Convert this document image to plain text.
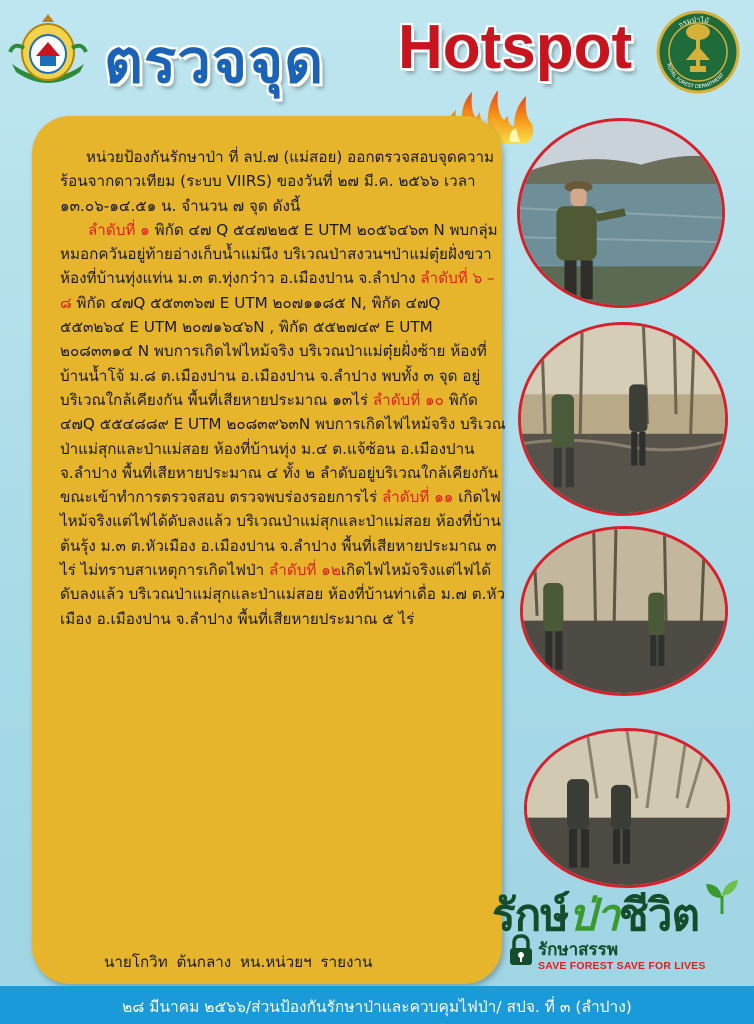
ตรวจจุด Hotspot	กรมป่าไม้
ROYAL FOREST DEPARTMENT

หน่วยป้องกันรักษาป่า ที่ ลป.๗ (แม่สอย) ออกตรวจสอบจุดความร้อนจากดาวเทียม (ระบบ VIIRS) ของวันที่ ๒๗ มี.ค. ๒๕๖๖ เวลา ๑๓.๐๖-๑๔.๕๑ น. จำนวน ๗ จุด ดังนี้

ลำดับที่ ๑ พิกัด ๔๗ Q ๕๔๗๒๒๕ E UTM ๒๐๕๖๔๖๓ N พบกลุ่มหมอกควันอยู่ท้ายอ่างเก็บน้ำแม่นึง บริเวณป่าสงวนฯป่าแม่ตุ๋ยฝั่งขวา ห้องที่บ้านทุ่งแท่น ม.๓ ต.ทุ่งกว๋าว อ.เมืองปาน จ.ลำปาง ลำดับที่ ๖ – ๘ พิกัด ๔๗Q ๕๕๓๓๖๗ E UTM ๒๐๗๑๑๘๕ N, พิกัด ๔๗Q ๕๕๓๒๖๔ E UTM ๒๐๗๑๖๔๖N , พิกัด ๕๕๒๗๔๙ E UTM ๒๐๘๓๓๑๔ N พบการเกิดไฟไหม้จริง บริเวณป่าแม่ตุ๋ยฝั่งซ้าย ห้องที่บ้านน้ำโจ้ ม.๘ ต.เมืองปาน อ.เมืองปาน จ.ลำปาง พบทั้ง ๓ จุด อยู่บริเวณใกล้เคียงกัน พื้นที่เสียหายประมาณ ๑๓ไร่ ลำดับที่ ๑๐ พิกัด ๔๗Q ๕๕๔๘๘๙ E UTM ๒๐๘๓๙๖๓N พบการเกิดไฟไหม้จริง บริเวณป่าแม่สุกและป่าแม่สอย ห้องที่บ้านทุ่ง ม.๔ ต.แจ้ซ้อน อ.เมืองปาน จ.ลำปาง พื้นที่เสียหายประมาณ ๔ ทั้ง ๒ ลำดับอยู่บริเวณใกล้เคียงกัน ขณะเข้าทำการตรวจสอบ ตรวจพบร่องรอยการไร่ ลำดับที่ ๑๑ เกิดไฟไหม้จริงแต่ไฟได้ดับลงแล้ว บริเวณป่าแม่สุกและป่าแม่สอย ห้องที่บ้านต้นรุ้ง ม.๓ ต.หัวเมือง อ.เมืองปาน จ.ลำปาง พื้นที่เสียหายประมาณ ๓ ไร่ ไม่ทราบสาเหตุการเกิดไฟป่า ลำดับที่ ๑๒เกิดไฟไหม้จริงแต่ไฟได้ดับลงแล้ว บริเวณป่าแม่สุกและป่าแม่สอย ห้องที่บ้านท่าเดื่อ ม.๗ ต.หัวเมือง อ.เมืองปาน จ.ลำปาง พื้นที่เสียหายประมาณ ๕ ไร่

นายโกวิท ต้นกลาง หน.หน่วยฯ รายงาน
รักษ์ป่าชีวิต
รักษาสรรพ
SAVE FOREST SAVE FOR LIVES
๒๘ มีนาคม ๒๕๖๖/ส่วนป้องกันรักษาป่าและควบคุมไฟป่า/ สปจ. ที่ ๓ (ลำปาง)
